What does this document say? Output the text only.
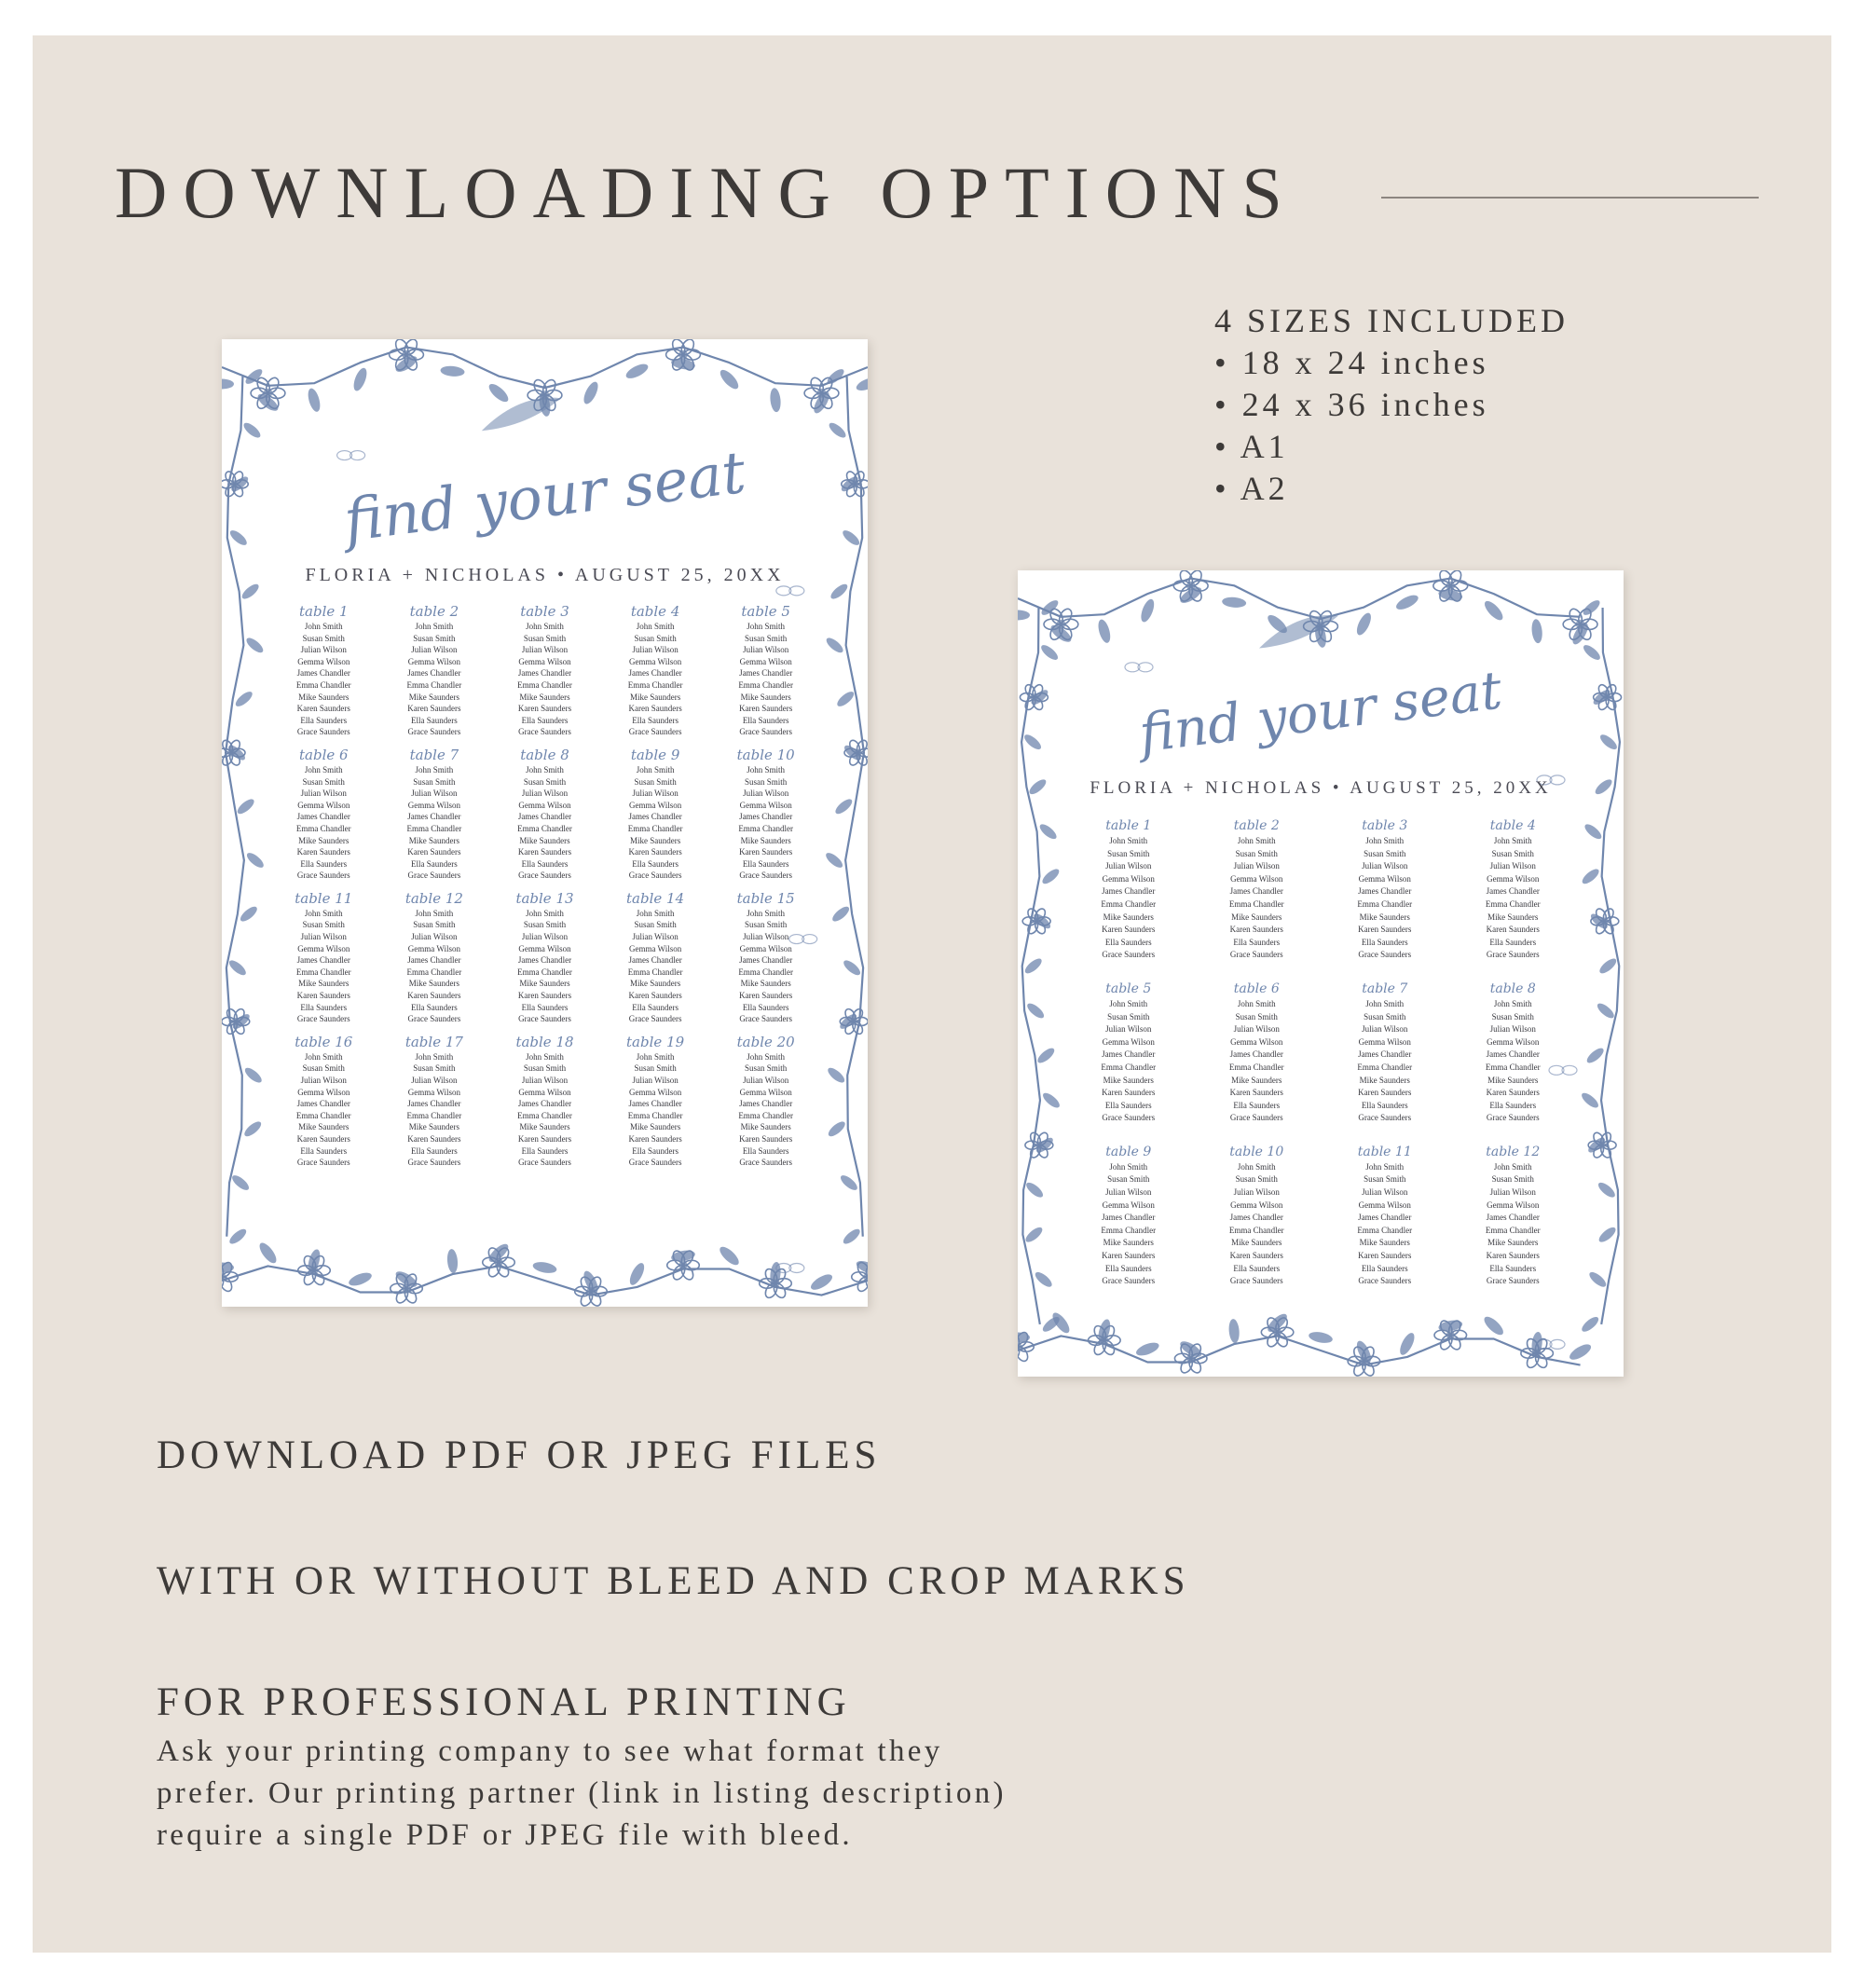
DOWNLOADING OPTIONS
4 SIZES INCLUDED
• 18 x 24 inches
• 24 x 36 inches
• A1
• A2
find your seat
FLORIA + NICHOLAS • AUGUST 25, 20XX
table 1
John Smith
Susan Smith
Julian Wilson
Gemma Wilson
James Chandler
Emma Chandler
Mike Saunders
Karen Saunders
Ella Saunders
Grace Saunders
table 2
John Smith
Susan Smith
Julian Wilson
Gemma Wilson
James Chandler
Emma Chandler
Mike Saunders
Karen Saunders
Ella Saunders
Grace Saunders
table 3
John Smith
Susan Smith
Julian Wilson
Gemma Wilson
James Chandler
Emma Chandler
Mike Saunders
Karen Saunders
Ella Saunders
Grace Saunders
table 4
John Smith
Susan Smith
Julian Wilson
Gemma Wilson
James Chandler
Emma Chandler
Mike Saunders
Karen Saunders
Ella Saunders
Grace Saunders
table 5
John Smith
Susan Smith
Julian Wilson
Gemma Wilson
James Chandler
Emma Chandler
Mike Saunders
Karen Saunders
Ella Saunders
Grace Saunders
table 6
John Smith
Susan Smith
Julian Wilson
Gemma Wilson
James Chandler
Emma Chandler
Mike Saunders
Karen Saunders
Ella Saunders
Grace Saunders
table 7
John Smith
Susan Smith
Julian Wilson
Gemma Wilson
James Chandler
Emma Chandler
Mike Saunders
Karen Saunders
Ella Saunders
Grace Saunders
table 8
John Smith
Susan Smith
Julian Wilson
Gemma Wilson
James Chandler
Emma Chandler
Mike Saunders
Karen Saunders
Ella Saunders
Grace Saunders
table 9
John Smith
Susan Smith
Julian Wilson
Gemma Wilson
James Chandler
Emma Chandler
Mike Saunders
Karen Saunders
Ella Saunders
Grace Saunders
table 10
John Smith
Susan Smith
Julian Wilson
Gemma Wilson
James Chandler
Emma Chandler
Mike Saunders
Karen Saunders
Ella Saunders
Grace Saunders
table 11
John Smith
Susan Smith
Julian Wilson
Gemma Wilson
James Chandler
Emma Chandler
Mike Saunders
Karen Saunders
Ella Saunders
Grace Saunders
table 12
John Smith
Susan Smith
Julian Wilson
Gemma Wilson
James Chandler
Emma Chandler
Mike Saunders
Karen Saunders
Ella Saunders
Grace Saunders
table 13
John Smith
Susan Smith
Julian Wilson
Gemma Wilson
James Chandler
Emma Chandler
Mike Saunders
Karen Saunders
Ella Saunders
Grace Saunders
table 14
John Smith
Susan Smith
Julian Wilson
Gemma Wilson
James Chandler
Emma Chandler
Mike Saunders
Karen Saunders
Ella Saunders
Grace Saunders
table 15
John Smith
Susan Smith
Julian Wilson
Gemma Wilson
James Chandler
Emma Chandler
Mike Saunders
Karen Saunders
Ella Saunders
Grace Saunders
table 16
John Smith
Susan Smith
Julian Wilson
Gemma Wilson
James Chandler
Emma Chandler
Mike Saunders
Karen Saunders
Ella Saunders
Grace Saunders
table 17
John Smith
Susan Smith
Julian Wilson
Gemma Wilson
James Chandler
Emma Chandler
Mike Saunders
Karen Saunders
Ella Saunders
Grace Saunders
table 18
John Smith
Susan Smith
Julian Wilson
Gemma Wilson
James Chandler
Emma Chandler
Mike Saunders
Karen Saunders
Ella Saunders
Grace Saunders
table 19
John Smith
Susan Smith
Julian Wilson
Gemma Wilson
James Chandler
Emma Chandler
Mike Saunders
Karen Saunders
Ella Saunders
Grace Saunders
table 20
John Smith
Susan Smith
Julian Wilson
Gemma Wilson
James Chandler
Emma Chandler
Mike Saunders
Karen Saunders
Ella Saunders
Grace Saunders
find your seat
FLORIA + NICHOLAS • AUGUST 25, 20XX
table 1
John Smith
Susan Smith
Julian Wilson
Gemma Wilson
James Chandler
Emma Chandler
Mike Saunders
Karen Saunders
Ella Saunders
Grace Saunders
table 2
John Smith
Susan Smith
Julian Wilson
Gemma Wilson
James Chandler
Emma Chandler
Mike Saunders
Karen Saunders
Ella Saunders
Grace Saunders
table 3
John Smith
Susan Smith
Julian Wilson
Gemma Wilson
James Chandler
Emma Chandler
Mike Saunders
Karen Saunders
Ella Saunders
Grace Saunders
table 4
John Smith
Susan Smith
Julian Wilson
Gemma Wilson
James Chandler
Emma Chandler
Mike Saunders
Karen Saunders
Ella Saunders
Grace Saunders
table 5
John Smith
Susan Smith
Julian Wilson
Gemma Wilson
James Chandler
Emma Chandler
Mike Saunders
Karen Saunders
Ella Saunders
Grace Saunders
table 6
John Smith
Susan Smith
Julian Wilson
Gemma Wilson
James Chandler
Emma Chandler
Mike Saunders
Karen Saunders
Ella Saunders
Grace Saunders
table 7
John Smith
Susan Smith
Julian Wilson
Gemma Wilson
James Chandler
Emma Chandler
Mike Saunders
Karen Saunders
Ella Saunders
Grace Saunders
table 8
John Smith
Susan Smith
Julian Wilson
Gemma Wilson
James Chandler
Emma Chandler
Mike Saunders
Karen Saunders
Ella Saunders
Grace Saunders
table 9
John Smith
Susan Smith
Julian Wilson
Gemma Wilson
James Chandler
Emma Chandler
Mike Saunders
Karen Saunders
Ella Saunders
Grace Saunders
table 10
John Smith
Susan Smith
Julian Wilson
Gemma Wilson
James Chandler
Emma Chandler
Mike Saunders
Karen Saunders
Ella Saunders
Grace Saunders
table 11
John Smith
Susan Smith
Julian Wilson
Gemma Wilson
James Chandler
Emma Chandler
Mike Saunders
Karen Saunders
Ella Saunders
Grace Saunders
table 12
John Smith
Susan Smith
Julian Wilson
Gemma Wilson
James Chandler
Emma Chandler
Mike Saunders
Karen Saunders
Ella Saunders
Grace Saunders
DOWNLOAD PDF OR JPEG FILES
WITH OR WITHOUT BLEED AND CROP MARKS
FOR PROFESSIONAL PRINTING
Ask your printing company to see what format they
prefer. Our printing partner (link in listing description)
require a single PDF or JPEG file with bleed.
